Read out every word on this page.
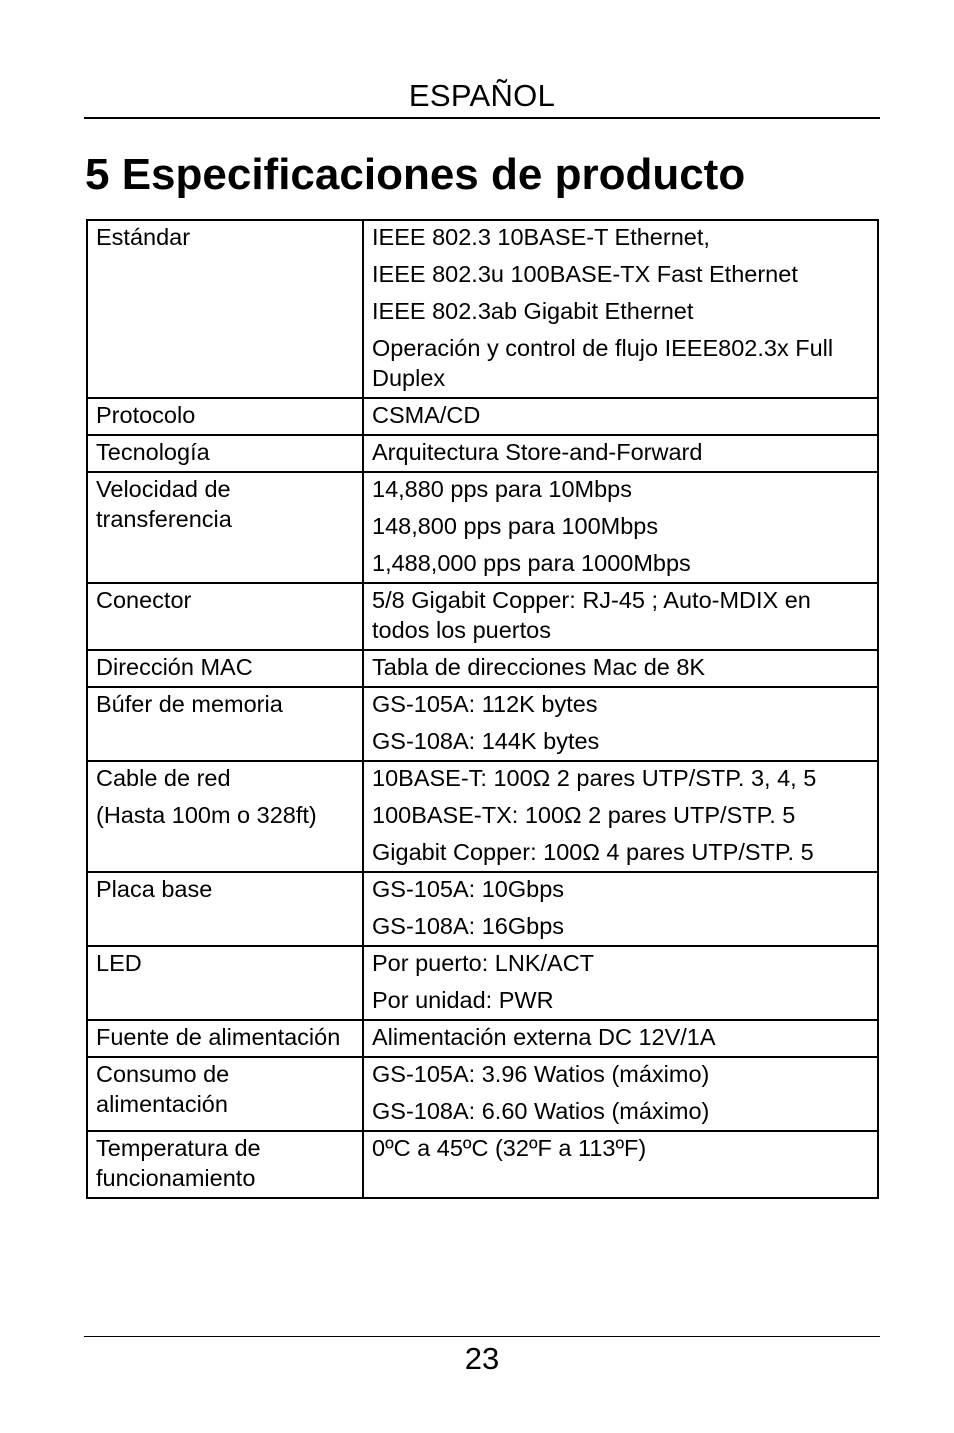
ESPAÑOL
5 Especificaciones de producto
Estándar	IEEE 802.3 10BASE-T Ethernet,
IEEE 802.3u 100BASE-TX Fast Ethernet
IEEE 802.3ab Gigabit Ethernet
Operación y control de flujo IEEE802.3x Full Duplex

Protocolo	CSMA/CD

Tecnología	Arquitectura Store-and-Forward

Velocidad de transferencia	14,880 pps para 10Mbps
148,800 pps para 100Mbps
1,488,000 pps para 1000Mbps

Conector	5/8 Gigabit Copper: RJ-45 ; Auto-MDIX en todos los puertos

Dirección MAC	Tabla de direcciones Mac de 8K

Búfer de memoria	GS-105A: 112K bytes
GS-108A: 144K bytes

Cable de red
(Hasta 100m o 328ft)	10BASE-T: 100Ω 2 pares UTP/STP. 3, 4, 5
100BASE-TX: 100Ω 2 pares UTP/STP. 5
Gigabit Copper: 100Ω 4 pares UTP/STP. 5

Placa base	GS-105A: 10Gbps
GS-108A: 16Gbps

LED	Por puerto: LNK/ACT
Por unidad: PWR

Fuente de alimentación	Alimentación externa DC 12V/1A

Consumo de alimentación	GS-105A: 3.96 Watios (máximo)
GS-108A: 6.60 Watios (máximo)

Temperatura de funcionamiento	0ºC a 45ºC (32ºF a 113ºF)
23
